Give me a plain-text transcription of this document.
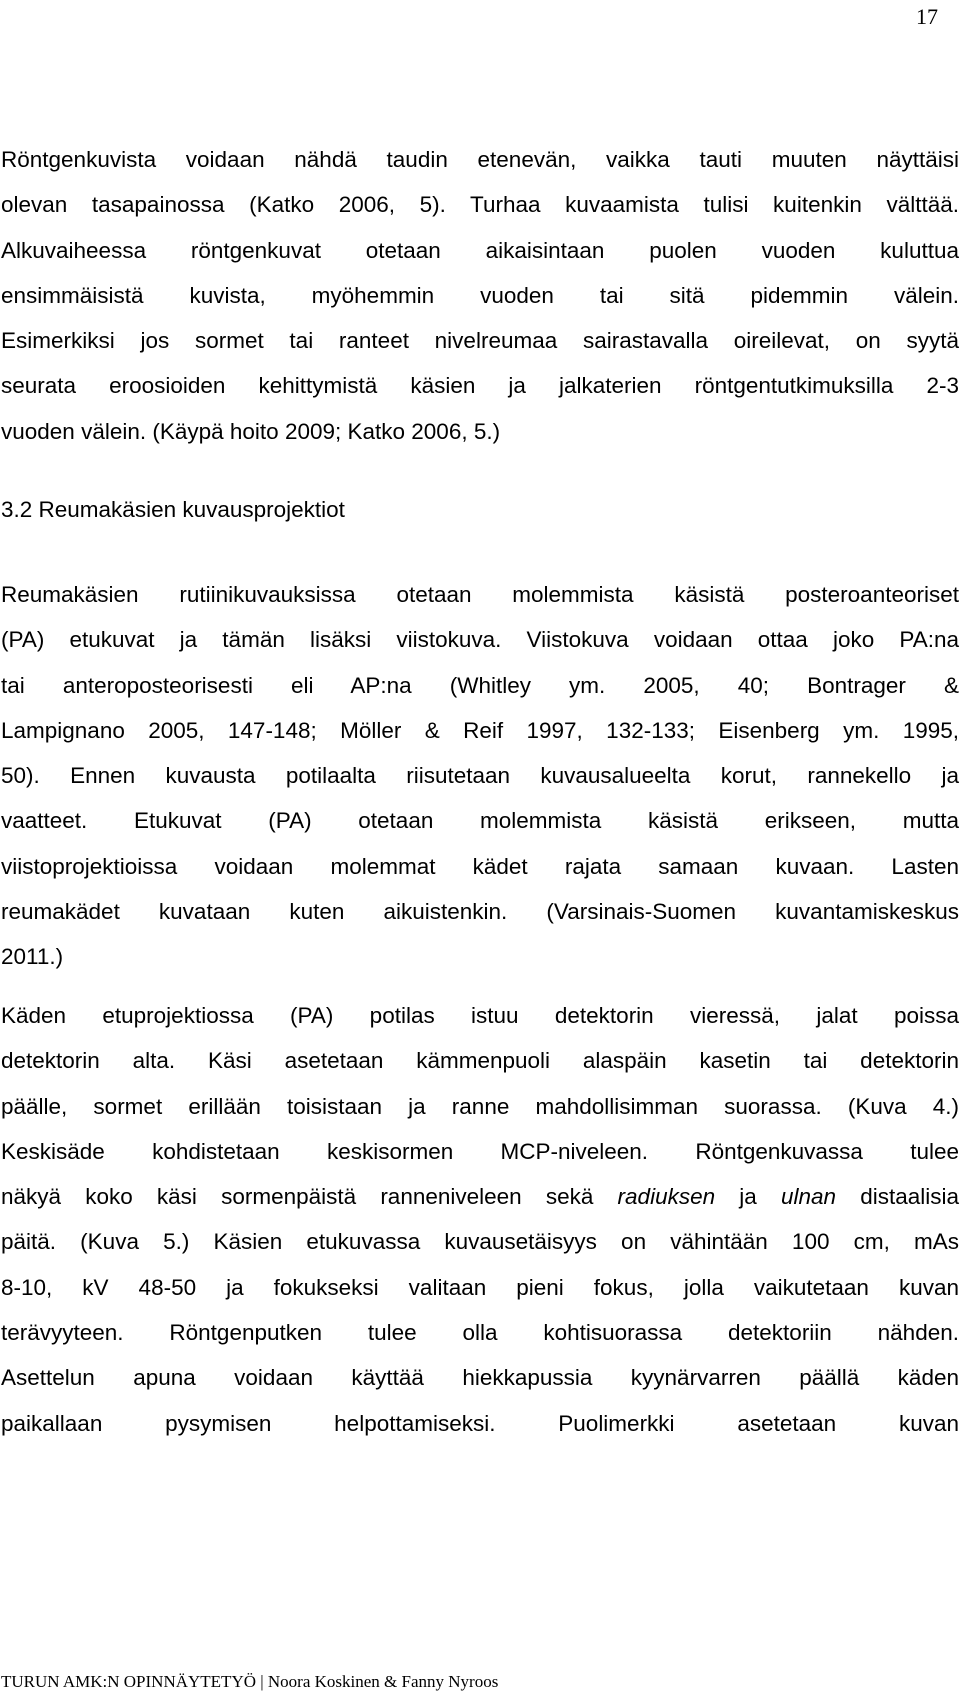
17
Röntgenkuvista voidaan nähdä taudin etenevän, vaikka tauti muuten näyttäisi
olevan tasapainossa (Katko 2006, 5). Turhaa kuvaamista tulisi kuitenkin välttää.
Alkuvaiheessa röntgenkuvat otetaan aikaisintaan puolen vuoden kuluttua
ensimmäisistä kuvista, myöhemmin vuoden tai sitä pidemmin välein.
Esimerkiksi jos sormet tai ranteet nivelreumaa sairastavalla oireilevat, on syytä
seurata eroosioiden kehittymistä käsien ja jalkaterien röntgentutkimuksilla 2-3
vuoden välein. (Käypä hoito 2009; Katko 2006, 5.)
3.2 Reumakäsien kuvausprojektiot
Reumakäsien rutiinikuvauksissa otetaan molemmista käsistä posteroanteoriset
(PA) etukuvat ja tämän lisäksi viistokuva. Viistokuva voidaan ottaa joko PA:na
tai anteroposteorisesti eli AP:na (Whitley ym. 2005, 40; Bontrager &
Lampignano 2005, 147-148; Möller & Reif 1997, 132-133; Eisenberg ym. 1995,
50). Ennen kuvausta potilaalta riisutetaan kuvausalueelta korut, rannekello ja
vaatteet. Etukuvat (PA) otetaan molemmista käsistä erikseen, mutta
viistoprojektioissa voidaan molemmat kädet rajata samaan kuvaan. Lasten
reumakädet kuvataan kuten aikuistenkin. (Varsinais-Suomen kuvantamiskeskus
2011.)
Käden etuprojektiossa (PA) potilas istuu detektorin vieressä, jalat poissa
detektorin alta. Käsi asetetaan kämmenpuoli alaspäin kasetin tai detektorin
päälle, sormet erillään toisistaan ja ranne mahdollisimman suorassa. (Kuva 4.)
Keskisäde kohdistetaan keskisormen MCP-niveleen. Röntgenkuvassa tulee
näkyä koko käsi sormenpäistä ranneniveleen sekä radiuksen ja ulnan distaalisia
päitä. (Kuva 5.) Käsien etukuvassa kuvausetäisyys on vähintään 100 cm, mAs
8-10, kV 48-50 ja fokukseksi valitaan pieni fokus, jolla vaikutetaan kuvan
terävyyteen. Röntgenputken tulee olla kohtisuorassa detektoriin nähden.
Asettelun apuna voidaan käyttää hiekkapussia kyynärvarren päällä käden
paikallaan pysymisen helpottamiseksi. Puolimerkki asetetaan kuvan
TURUN AMK:N OPINNÄYTETYÖ | Noora Koskinen & Fanny Nyroos
